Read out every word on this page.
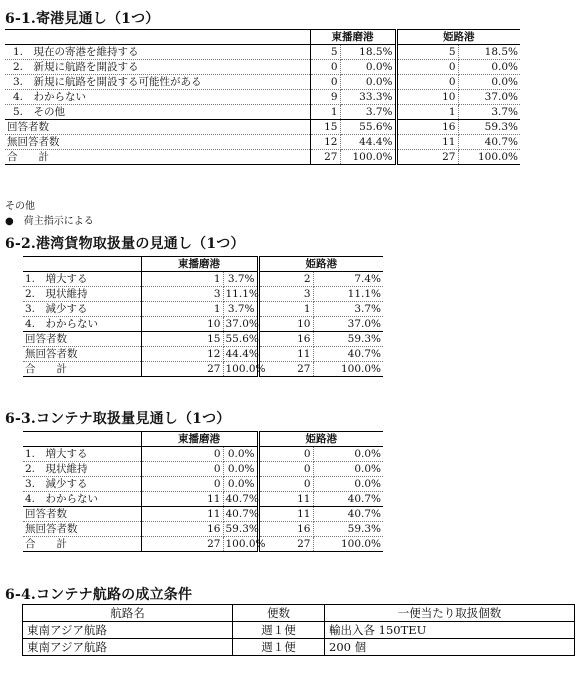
6-1.寄港見通し（1つ）
	東播磨港		姫路港	
1.　現在の寄港を維持する	5	18.5%	5	18.5%
2.　新規に航路を開設する	0	0.0%	0	0.0%
3.　新規に航路を開設する可能性がある	0	0.0%	0	0.0%
4.　わからない	9	33.3%	10	37.0%
5.　その他	1	3.7%	1	3.7%
回答者数	15	55.6%	16	59.3%
無回答者数	12	44.4%	11	40.7%
合　　計	27	100.0%	27	100.0%
その他
●　荷主指示による
6-2.港湾貨物取扱量の見通し（1つ）
	東播磨港		姫路港	
1.　増大する	1	3.7%	2	7.4%
2.　現状維持	3	11.1%	3	11.1%
3.　減少する	1	3.7%	1	3.7%
4.　わからない	10	37.0%	10	37.0%
回答者数	15	55.6%	16	59.3%
無回答者数	12	44.4%	11	40.7%
合　　計	27	100.0%	27	100.0%
6-3.コンテナ取扱量見通し（1つ）
	東播磨港		姫路港	
1.　増大する	0	0.0%	0	0.0%
2.　現状維持	0	0.0%	0	0.0%
3.　減少する	0	0.0%	0	0.0%
4.　わからない	11	40.7%	11	40.7%
回答者数	11	40.7%	11	40.7%
無回答者数	16	59.3%	16	59.3%
合　　計	27	100.0%	27	100.0%
6-4.コンテナ航路の成立条件
航路名	便数	一便当たり取扱個数
東南アジア航路	週１便	輸出入各 150TEU
東南アジア航路	週１便	200 個
